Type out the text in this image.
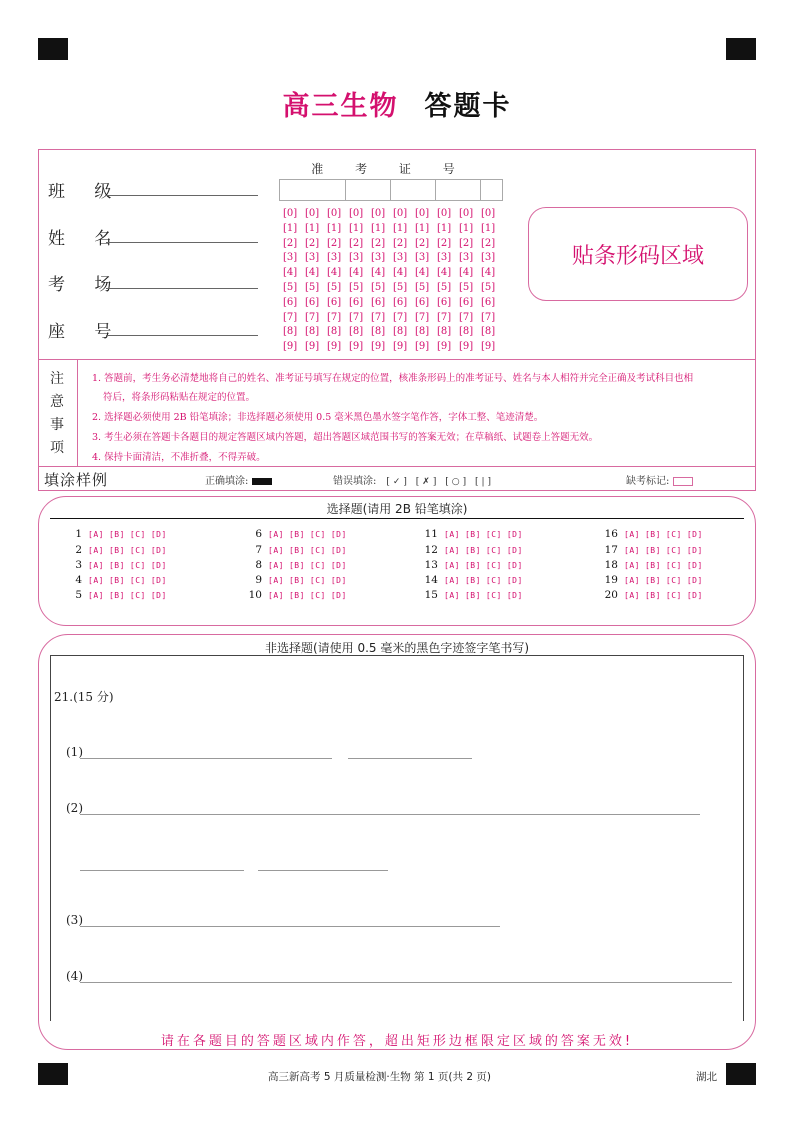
高三生物 答题卡
班 级
姓 名
考 场
座 号
准 考 证 号
[0] [0] [0] [0] [0] [0] [0] [0] [0] [0]
[1] [1] [1] [1] [1] [1] [1] [1] [1] [1]
[2] [2] [2] [2] [2] [2] [2] [2] [2] [2]
[3] [3] [3] [3] [3] [3] [3] [3] [3] [3]
[4] [4] [4] [4] [4] [4] [4] [4] [4] [4]
[5] [5] [5] [5] [5] [5] [5] [5] [5] [5]
[6] [6] [6] [6] [6] [6] [6] [6] [6] [6]
[7] [7] [7] [7] [7] [7] [7] [7] [7] [7]
[8] [8] [8] [8] [8] [8] [8] [8] [8] [8]
[9] [9] [9] [9] [9] [9] [9] [9] [9] [9]
贴条形码区域
注
意
事
项
1. 答题前，考生务必清楚地将自己的姓名、准考证号填写在规定的位置，核准条形码上的准考证号、姓名与本人相符并完全正确及考试科目也相
符后，将条形码粘贴在规定的位置。
2. 选择题必须使用 2B 铅笔填涂；非选择题必须使用 0.5 毫米黑色墨水签字笔作答，字体工整、笔迹清楚。
3. 考生必须在答题卡各题目的规定答题区域内答题，超出答题区域范围书写的答案无效；在草稿纸、试题卷上答题无效。
4. 保持卡面清洁，不准折叠，不得弄破。
填涂样例	正确填涂:	错误填涂: [✓] [✗] [○] [|]	缺考标记:
选择题(请用 2B 铅笔填涂)
1 [A] [B] [C] [D]
2 [A] [B] [C] [D]
3 [A] [B] [C] [D]
4 [A] [B] [C] [D]
5 [A] [B] [C] [D]
6 [A] [B] [C] [D]
7 [A] [B] [C] [D]
8 [A] [B] [C] [D]
9 [A] [B] [C] [D]
10 [A] [B] [C] [D]
11 [A] [B] [C] [D]
12 [A] [B] [C] [D]
13 [A] [B] [C] [D]
14 [A] [B] [C] [D]
15 [A] [B] [C] [D]
16 [A] [B] [C] [D]
17 [A] [B] [C] [D]
18 [A] [B] [C] [D]
19 [A] [B] [C] [D]
20 [A] [B] [C] [D]
非选择题(请使用 0.5 毫米的黑色字迹签字笔书写)
21.(15 分)
(1)
(2)
(3)
(4)
请在各题目的答题区域内作答，超出矩形边框限定区域的答案无效!
高三新高考 5 月质量检测·生物 第 1 页(共 2 页)	湖北
